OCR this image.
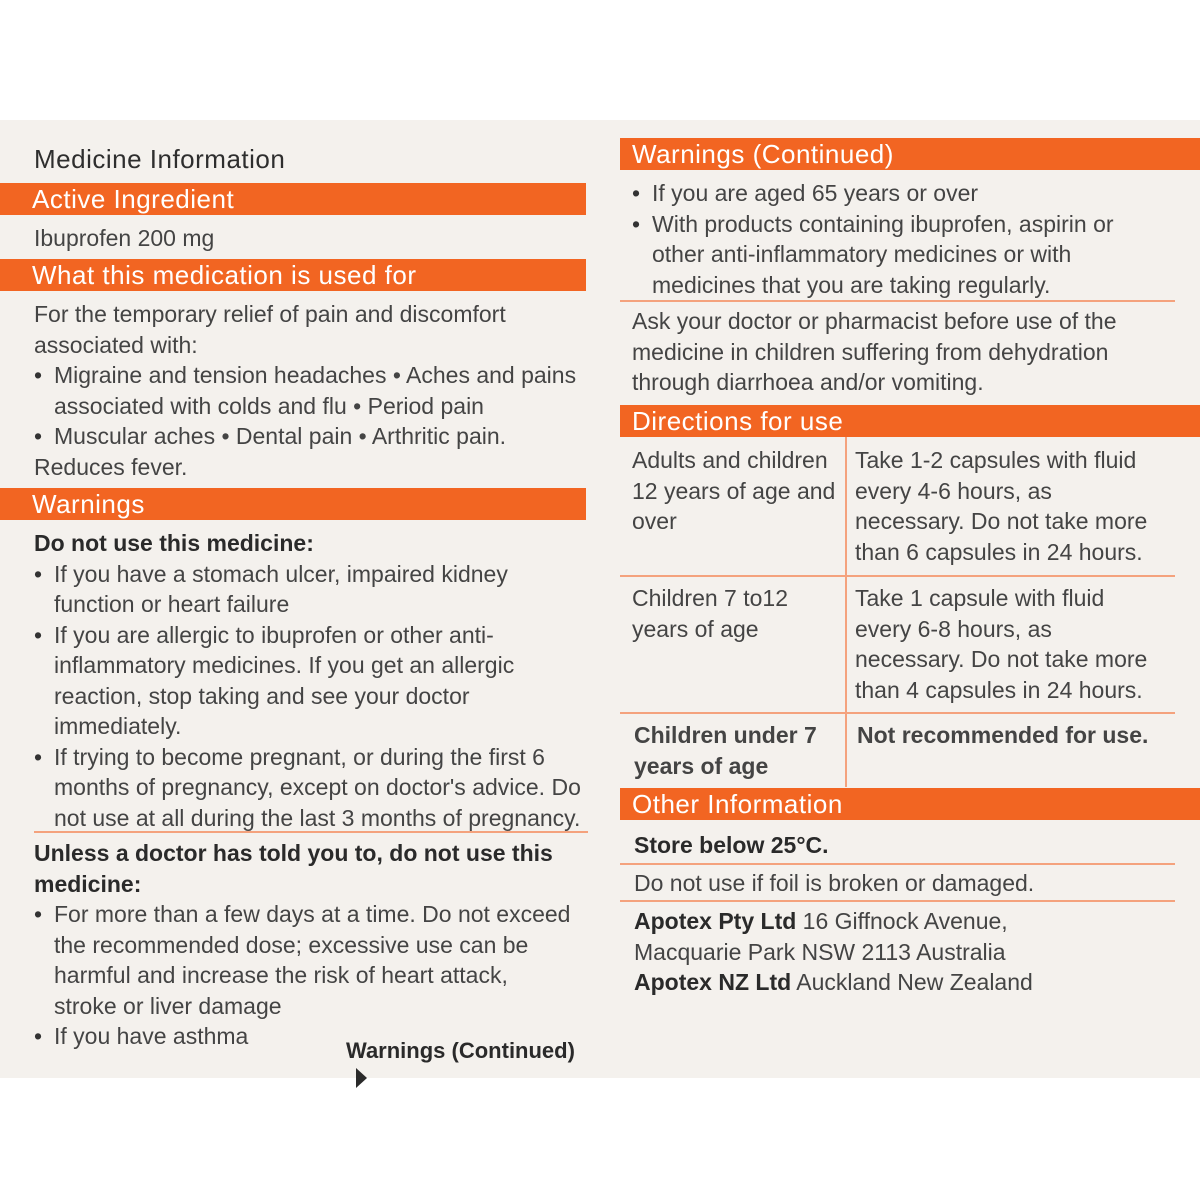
Medicine Information
Active Ingredient
Ibuprofen 200 mg
What this medication is used for
For the temporary relief of pain and discomfort associated with:
• Migraine and tension headaches • Aches and pains associated with colds and flu • Period pain
• Muscular aches • Dental pain • Arthritic pain.
Reduces fever.
Warnings
Do not use this medicine:
• If you have a stomach ulcer, impaired kidney function or heart failure
• If you are allergic to ibuprofen or other anti-inflammatory medicines. If you get an allergic reaction, stop taking and see your doctor immediately.
• If trying to become pregnant, or during the first 6 months of pregnancy, except on doctor's advice. Do not use at all during the last 3 months of pregnancy.
Unless a doctor has told you to, do not use this medicine:
• For more than a few days at a time. Do not exceed the recommended dose; excessive use can be harmful and increase the risk of heart attack, stroke or liver damage
• If you have asthma
Warnings (Continued)
Warnings (Continued)
• If you are aged 65 years or over
• With products containing ibuprofen, aspirin or other anti-inflammatory medicines or with medicines that you are taking regularly.
Ask your doctor or pharmacist before use of the medicine in children suffering from dehydration through diarrhoea and/or vomiting.
Directions for use
Adults and children 12 years of age and over
Take 1-2 capsules with fluid every 4-6 hours, as necessary. Do not take more than 6 capsules in 24 hours.
Children 7 to12 years of age
Take 1 capsule with fluid every 6-8 hours, as necessary. Do not take more than 4 capsules in 24 hours.
Children under 7 years of age
Not recommended for use.
Other Information
Store below 25°C.
Do not use if foil is broken or damaged.
Apotex Pty Ltd 16 Giffnock Avenue, Macquarie Park NSW 2113 Australia
Apotex NZ Ltd Auckland New Zealand
